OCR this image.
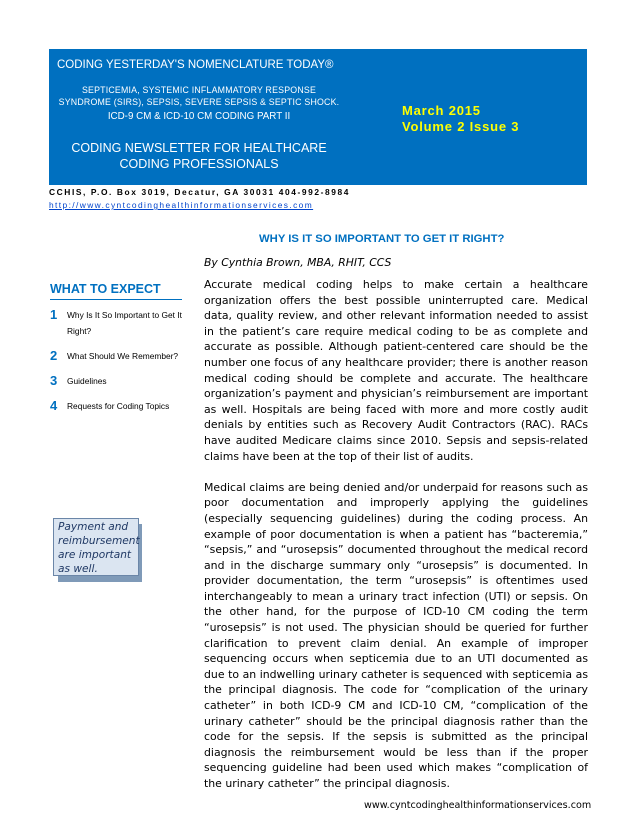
CODING YESTERDAY'S NOMENCLATURE TODAY®
SEPTICEMIA, SYSTEMIC INFLAMMATORY RESPONSE
SYNDROME (SIRS), SEPSIS, SEVERE SEPSIS & SEPTIC SHOCK.
ICD-9 CM & ICD-10 CM CODING PART II
CODING NEWSLETTER FOR HEALTHCARE
CODING PROFESSIONALS
March 2015
Volume 2 Issue 3
CCHIS, P.O. Box 3019, Decatur, GA 30031 404-992-8984
http://www.cyntcodinghealthinformationservices.com
WHAT TO EXPECT
1 Why Is It So Important to Get It Right?
2 What Should We Remember?
3 Guidelines
4 Requests for Coding Topics
Payment and reimbursement are important as well.
WHY IS IT SO IMPORTANT TO GET IT RIGHT?
By Cynthia Brown, MBA, RHIT, CCS

Accurate medical coding helps to make certain a healthcare organization offers the best possible uninterrupted care. Medical data, quality review, and other relevant information needed to assist in the patient’s care require medical coding to be as complete and accurate as possible. Although patient-centered care should be the number one focus of any healthcare provider; there is another reason medical coding should be complete and accurate. The healthcare organization’s payment and physician’s reimbursement are important as well. Hospitals are being faced with more and more costly audit denials by entities such as Recovery Audit Contractors (RAC). RACs have audited Medicare claims since 2010. Sepsis and sepsis-related claims have been at the top of their list of audits.

Medical claims are being denied and/or underpaid for reasons such as poor documentation and improperly applying the guidelines (especially sequencing guidelines) during the coding process. An example of poor documentation is when a patient has “bacteremia,” “sepsis,” and “urosepsis” documented throughout the medical record and in the discharge summary only “urosepsis” is documented. In provider documentation, the term “urosepsis” is oftentimes used interchangeably to mean a urinary tract infection (UTI) or sepsis. On the other hand, for the purpose of ICD-10 CM coding the term “urosepsis” is not used. The physician should be queried for further clarification to prevent claim denial. An example of improper sequencing occurs when septicemia due to an UTI documented as due to an indwelling urinary catheter is sequenced with septicemia as the principal diagnosis. The code for “complication of the urinary catheter” in both ICD-9 CM and ICD-10 CM, “complication of the urinary catheter” should be the principal diagnosis rather than the code for the sepsis. If the sepsis is submitted as the principal diagnosis the reimbursement would be less than if the proper sequencing guideline had been used which makes “complication of the urinary catheter” the principal diagnosis.

www.cyntcodinghealthinformationservices.com
